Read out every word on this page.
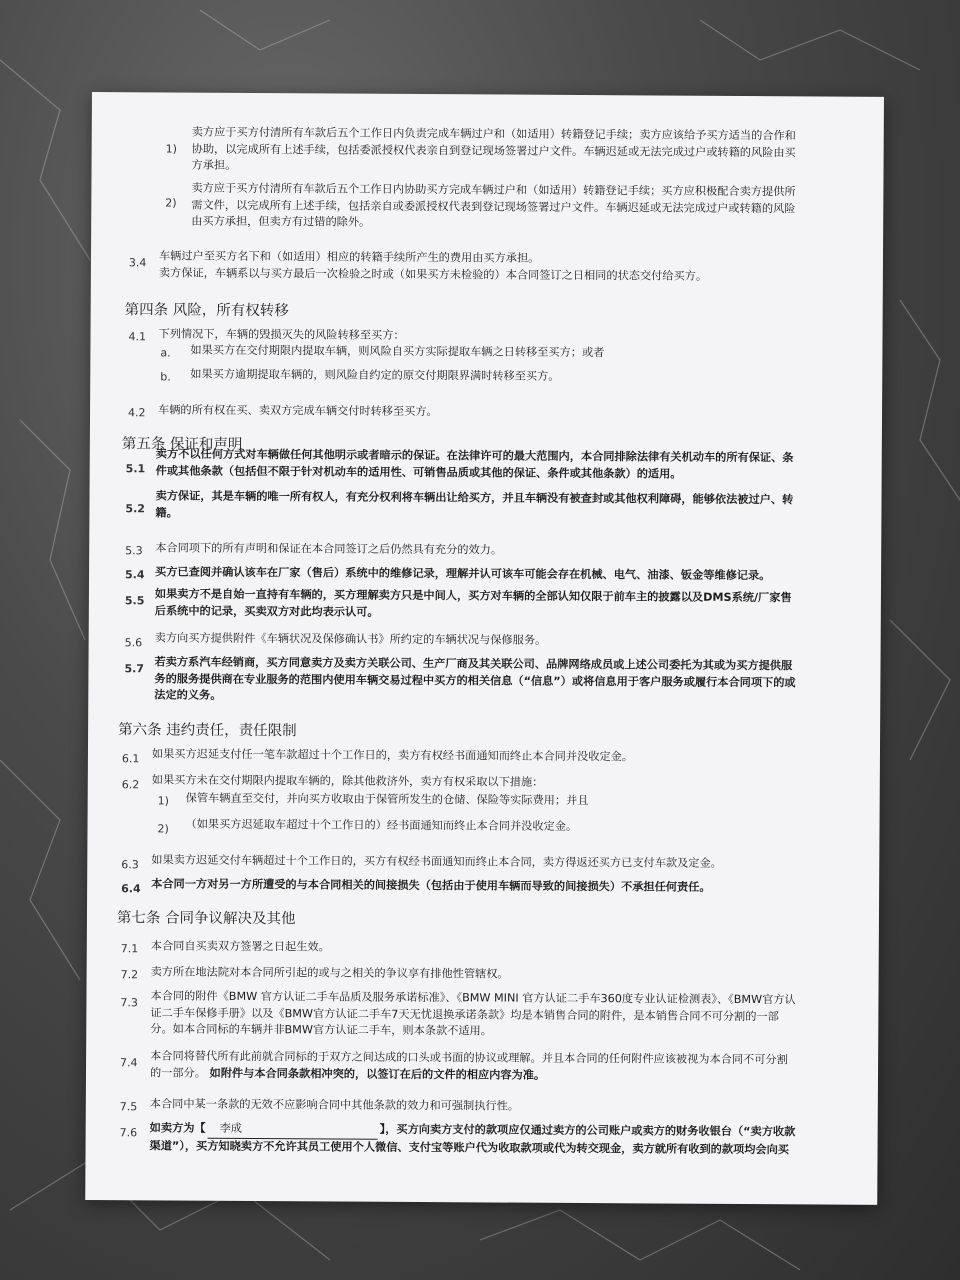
1)
卖方应于买方付清所有车款后五个工作日内负责完成车辆过户和（如适用）转籍登记手续；卖方应该给予买方适当的合作和
协助，以完成所有上述手续，包括委派授权代表亲自到登记现场签署过户文件。车辆迟延或无法完成过户或转籍的风险由买
方承担。
2)
卖方应于买方付清所有车款后五个工作日内协助买方完成车辆过户和（如适用）转籍登记手续；买方应积极配合卖方提供所
需文件，以完成所有上述手续，包括亲自或委派授权代表到登记现场签署过户文件。车辆迟延或无法完成过户或转籍的风险
由买方承担，但卖方有过错的除外。
3.4 车辆过户至买方名下和（如适用）相应的转籍手续所产生的费用由买方承担。
卖方保证，车辆系以与买方最后一次检验之时或（如果买方未检验的）本合同签订之日相同的状态交付给买方。
第四条 风险，所有权转移
4.1 下列情况下，车辆的毁损灭失的风险转移至买方：
a. 如果买方在交付期限内提取车辆，则风险自买方实际提取车辆之日转移至买方；或者
b. 如果买方逾期提取车辆的，则风险自约定的原交付期限界满时转移至买方。
4.2 车辆的所有权在买、卖双方完成车辆交付时转移至买方。
第五条 保证和声明
5.1
卖方不以任何方式对车辆做任何其他明示或者暗示的保证。在法律许可的最大范围内，本合同排除法律有关机动车的所有保证、条
件或其他条款（包括但不限于针对机动车的适用性、可销售品质或其他的保证、条件或其他条款）的适用。
5.2
卖方保证，其是车辆的唯一所有权人，有充分权利将车辆出让给买方，并且车辆没有被查封或其他权利障碍，能够依法被过户、转
籍。
5.3 本合同项下的所有声明和保证在本合同签订之后仍然具有充分的效力。
5.4 买方已查阅并确认该车在厂家（售后）系统中的维修记录，理解并认可该车可能会存在机械、电气、油漆、钣金等维修记录。
5.5 如果卖方不是自始一直持有车辆的，买方理解卖方只是中间人，买方对车辆的全部认知仅限于前车主的披露以及DMS系统/厂家售
后系统中的记录，买卖双方对此均表示认可。
5.6 卖方向买方提供附件《车辆状况及保修确认书》所约定的车辆状况与保修服务。
5.7 若卖方系汽车经销商，买方同意卖方及卖方关联公司、生产厂商及其关联公司、品牌网络成员或上述公司委托为其或为买方提供服
务的服务提供商在专业服务的范围内使用车辆交易过程中买方的相关信息（“信息”）或将信息用于客户服务或履行本合同项下的或
法定的义务。
第六条 违约责任，责任限制
6.1 如果买方迟延支付任一笔车款超过十个工作日的，卖方有权经书面通知而终止本合同并没收定金。
6.2 如果买方未在交付期限内提取车辆的，除其他救济外，卖方有权采取以下措施：
1) 保管车辆直至交付，并向买方收取由于保管所发生的仓储、保险等实际费用；并且
2) （如果买方迟延取车超过十个工作日的）经书面通知而终止本合同并没收定金。
6.3 如果卖方迟延交付车辆超过十个工作日的，买方有权经书面通知而终止本合同，卖方得返还买方已支付车款及定金。
6.4 本合同一方对另一方所遭受的与本合同相关的间接损失（包括由于使用车辆而导致的间接损失）不承担任何责任。
第七条 合同争议解决及其他
7.1 本合同自买卖双方签署之日起生效。
7.2 卖方所在地法院对本合同所引起的或与之相关的争议享有排他性管辖权。
7.3 本合同的附件《BMW 官方认证二手车品质及服务承诺标准》、《BMW MINI 官方认证二手车360度专业认证检测表》、《BMW官方认
证二手车保修手册》以及《BMW官方认证二手车7天无忧退换承诺条款》均是本销售合同的附件，是本销售合同不可分割的一部
分。如本合同标的车辆并非BMW官方认证二手车，则本条款不适用。
7.4 本合同将替代所有此前就合同标的于双方之间达成的口头或书面的协议或理解。并且本合同的任何附件应该被视为本合同不可分割
的一部分。 如附件与本合同条款相冲突的，以签订在后的文件的相应内容为准。
7.5 本合同中某一条款的无效不应影响合同中其他条款的效力和可强制执行性。
7.6 如卖方为【 李成	】，买方向卖方支付的款项应仅通过卖方的公司账户或卖方的财务收银台（“卖方收款
渠道”），买方知晓卖方不允许其员工使用个人微信、支付宝等账户代为收取款项或代为转交现金，卖方就所有收到的款项均会向买
